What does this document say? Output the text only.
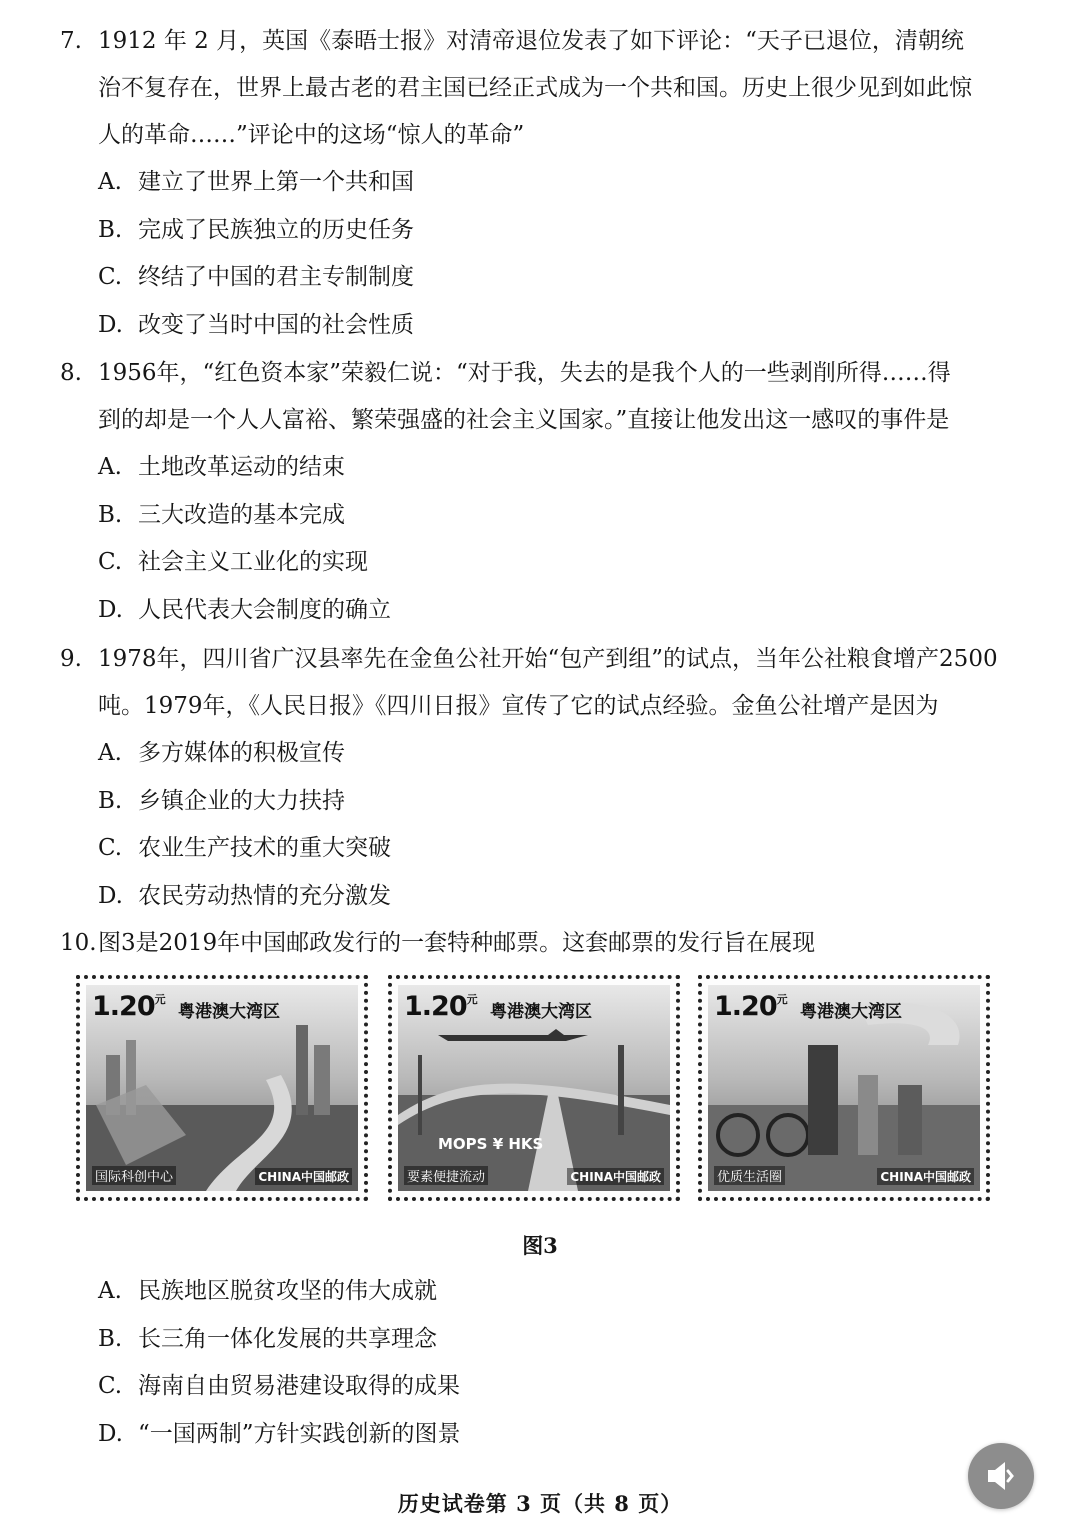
7. 1912 年 2 月，英国《泰晤士报》对清帝退位发表了如下评论：“天子已退位，清朝统
治不复存在，世界上最古老的君主国已经正式成为一个共和国。历史上很少见到如此惊
人的革命……”评论中的这场“惊人的革命”
A. 建立了世界上第一个共和国
B. 完成了民族独立的历史任务
C. 终结了中国的君主专制制度
D. 改变了当时中国的社会性质
8. 1956年，“红色资本家”荣毅仁说：“对于我，失去的是我个人的一些剥削所得……得
到的却是一个人人富裕、繁荣强盛的社会主义国家。”直接让他发出这一感叹的事件是
A. 土地改革运动的结束
B. 三大改造的基本完成
C. 社会主义工业化的实现
D. 人民代表大会制度的确立
9. 1978年，四川省广汉县率先在金鱼公社开始“包产到组”的试点，当年公社粮食增产2500
吨。1979年，《人民日报》《四川日报》宣传了它的试点经验。金鱼公社增产是因为
A. 多方媒体的积极宣传
B. 乡镇企业的大力扶持
C. 农业生产技术的重大突破
D. 农民劳动热情的充分激发
10.图3是2019年中国邮政发行的一套特种邮票。这套邮票的发行旨在展现
$1.20^元$
粤港澳大湾区
国际科创中心	CHINA中国邮政
$1.20^元$
粤港澳大湾区
MOPS ¥ HKS
要素便捷流动	CHINA中国邮政
$1.20^元$
粤港澳大湾区
优质生活圈	CHINA中国邮政
图3
A. 民族地区脱贫攻坚的伟大成就
B. 长三角一体化发展的共享理念
C. 海南自由贸易港建设取得的成果
D. “一国两制”方针实践创新的图景
历史试卷第 3 页（共 8 页）
